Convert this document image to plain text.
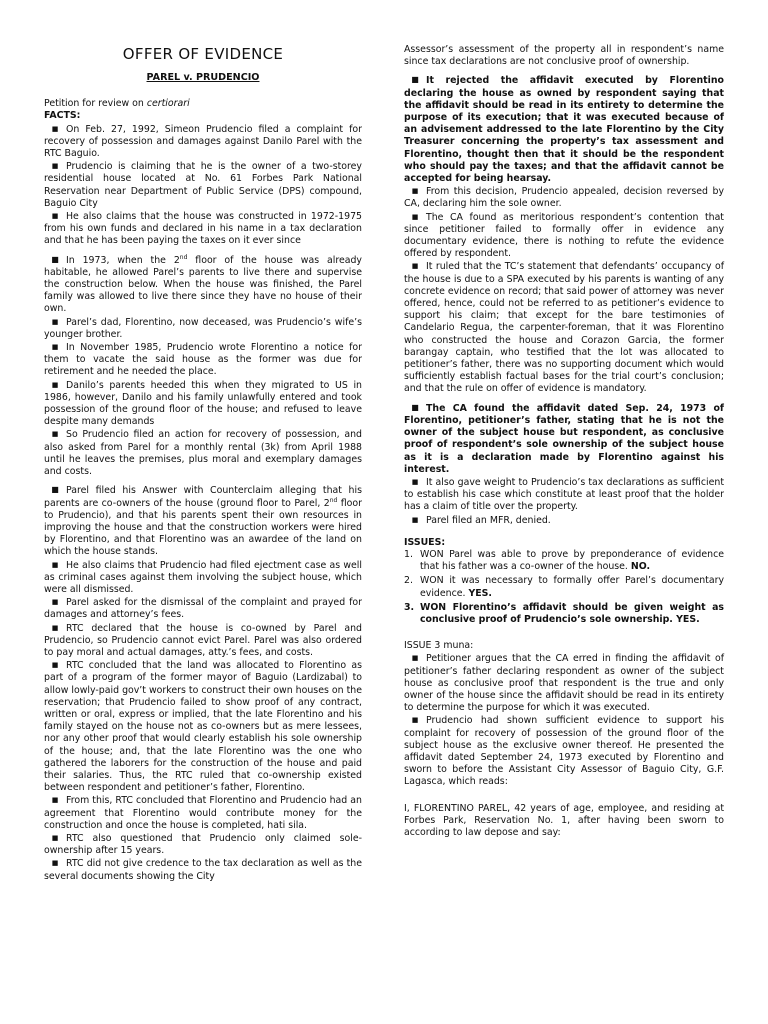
OFFER OF EVIDENCE
PAREL v. PRUDENCIO
Petition for review on certiorari
FACTS:

■ On Feb. 27, 1992, Simeon Prudencio filed a complaint for recovery of possession and damages against Danilo Parel with the RTC Baguio.

■ Prudencio is claiming that he is the owner of a two-storey residential house located at No. 61 Forbes Park National Reservation near Department of Public Service (DPS) compound, Baguio City

■ He also claims that the house was constructed in 1972-1975 from his own funds and declared in his name in a tax declaration and that he has been paying the taxes on it ever since

■ In 1973, when the 2nd floor of the house was already habitable, he allowed Parel’s parents to live there and supervise the construction below. When the house was finished, the Parel family was allowed to live there since they have no house of their own.

■ Parel’s dad, Florentino, now deceased, was Prudencio’s wife’s younger brother.

■ In November 1985, Prudencio wrote Florentino a notice for them to vacate the said house as the former was due for retirement and he needed the place.

■ Danilo’s parents heeded this when they migrated to US in 1986, however, Danilo and his family unlawfully entered and took possession of the ground floor of the house; and refused to leave despite many demands

■ So Prudencio filed an action for recovery of possession, and also asked from Parel for a monthly rental (3k) from April 1988 until he leaves the premises, plus moral and exemplary damages and costs.

■ Parel filed his Answer with Counterclaim alleging that his parents are co-owners of the house (ground floor to Parel, 2nd floor to Prudencio), and that his parents spent their own resources in improving the house and that the construction workers were hired by Florentino, and that Florentino was an awardee of the land on which the house stands.

■ He also claims that Prudencio had filed ejectment case as well as criminal cases against them involving the subject house, which were all dismissed.

■ Parel asked for the dismissal of the complaint and prayed for damages and attorney’s fees.

■ RTC declared that the house is co-owned by Parel and Prudencio, so Prudencio cannot evict Parel. Parel was also ordered to pay moral and actual damages, atty.’s fees, and costs.

■ RTC concluded that the land was allocated to Florentino as part of a program of the former mayor of Baguio (Lardizabal) to allow lowly-paid gov’t workers to construct their own houses on the reservation; that Prudencio failed to show proof of any contract, written or oral, express or implied, that the late Florentino and his family stayed on the house not as co-owners but as mere lessees, nor any other proof that would clearly establish his sole ownership of the house; and, that the late Florentino was the one who gathered the laborers for the construction of the house and paid their salaries. Thus, the RTC ruled that co-ownership existed between respondent and petitioner’s father, Florentino.

■ From this, RTC concluded that Florentino and Prudencio had an agreement that Florentino would contribute money for the construction and once the house is completed, hati sila.

■ RTC also questioned that Prudencio only claimed sole-ownership after 15 years.

■ RTC did not give credence to the tax declaration as well as the several documents showing the City

Assessor’s assessment of the property all in respondent’s name since tax declarations are not conclusive proof of ownership.

■ It rejected the affidavit executed by Florentino declaring the house as owned by respondent saying that the affidavit should be read in its entirety to determine the purpose of its execution; that it was executed because of an advisement addressed to the late Florentino by the City Treasurer concerning the property’s tax assessment and Florentino, thought then that it should be the respondent who should pay the taxes; and that the affidavit cannot be accepted for being hearsay.

■ From this decision, Prudencio appealed, decision reversed by CA, declaring him the sole owner.

■ The CA found as meritorious respondent’s contention that since petitioner failed to formally offer in evidence any documentary evidence, there is nothing to refute the evidence offered by respondent.

■ It ruled that the TC’s statement that defendants’ occupancy of the house is due to a SPA executed by his parents is wanting of any concrete evidence on record; that said power of attorney was never offered, hence, could not be referred to as petitioner’s evidence to support his claim; that except for the bare testimonies of Candelario Regua, the carpenter-foreman, that it was Florentino who constructed the house and Corazon Garcia, the former barangay captain, who testified that the lot was allocated to petitioner’s father, there was no supporting document which would sufficiently establish factual bases for the trial court’s conclusion; and that the rule on offer of evidence is mandatory.

■ The CA found the affidavit dated Sep. 24, 1973 of Florentino, petitioner’s father, stating that he is not the owner of the subject house but respondent, as conclusive proof of respondent’s sole ownership of the subject house as it is a declaration made by Florentino against his interest.

■ It also gave weight to Prudencio’s tax declarations as sufficient to establish his case which constitute at least proof that the holder has a claim of title over the property.

■ Parel filed an MFR, denied.

ISSUES:
1. WON Parel was able to prove by preponderance of evidence that his father was a co-owner of the house. NO.
2. WON it was necessary to formally offer Parel’s documentary evidence. YES.
3. WON Florentino’s affidavit should be given weight as conclusive proof of Prudencio’s sole ownership. YES.
ISSUE 3 muna:

■ Petitioner argues that the CA erred in finding the affidavit of petitioner’s father declaring respondent as owner of the subject house as conclusive proof that respondent is the true and only owner of the house since the affidavit should be read in its entirety to determine the purpose for which it was executed.

■ Prudencio had shown sufficient evidence to support his complaint for recovery of possession of the ground floor of the subject house as the exclusive owner thereof. He presented the affidavit dated September 24, 1973 executed by Florentino and sworn to before the Assistant City Assessor of Baguio City, G.F. Lagasca, which reads:

I, FLORENTINO PAREL, 42 years of age, employee, and residing at Forbes Park, Reservation No. 1, after having been sworn to according to law depose and say:
